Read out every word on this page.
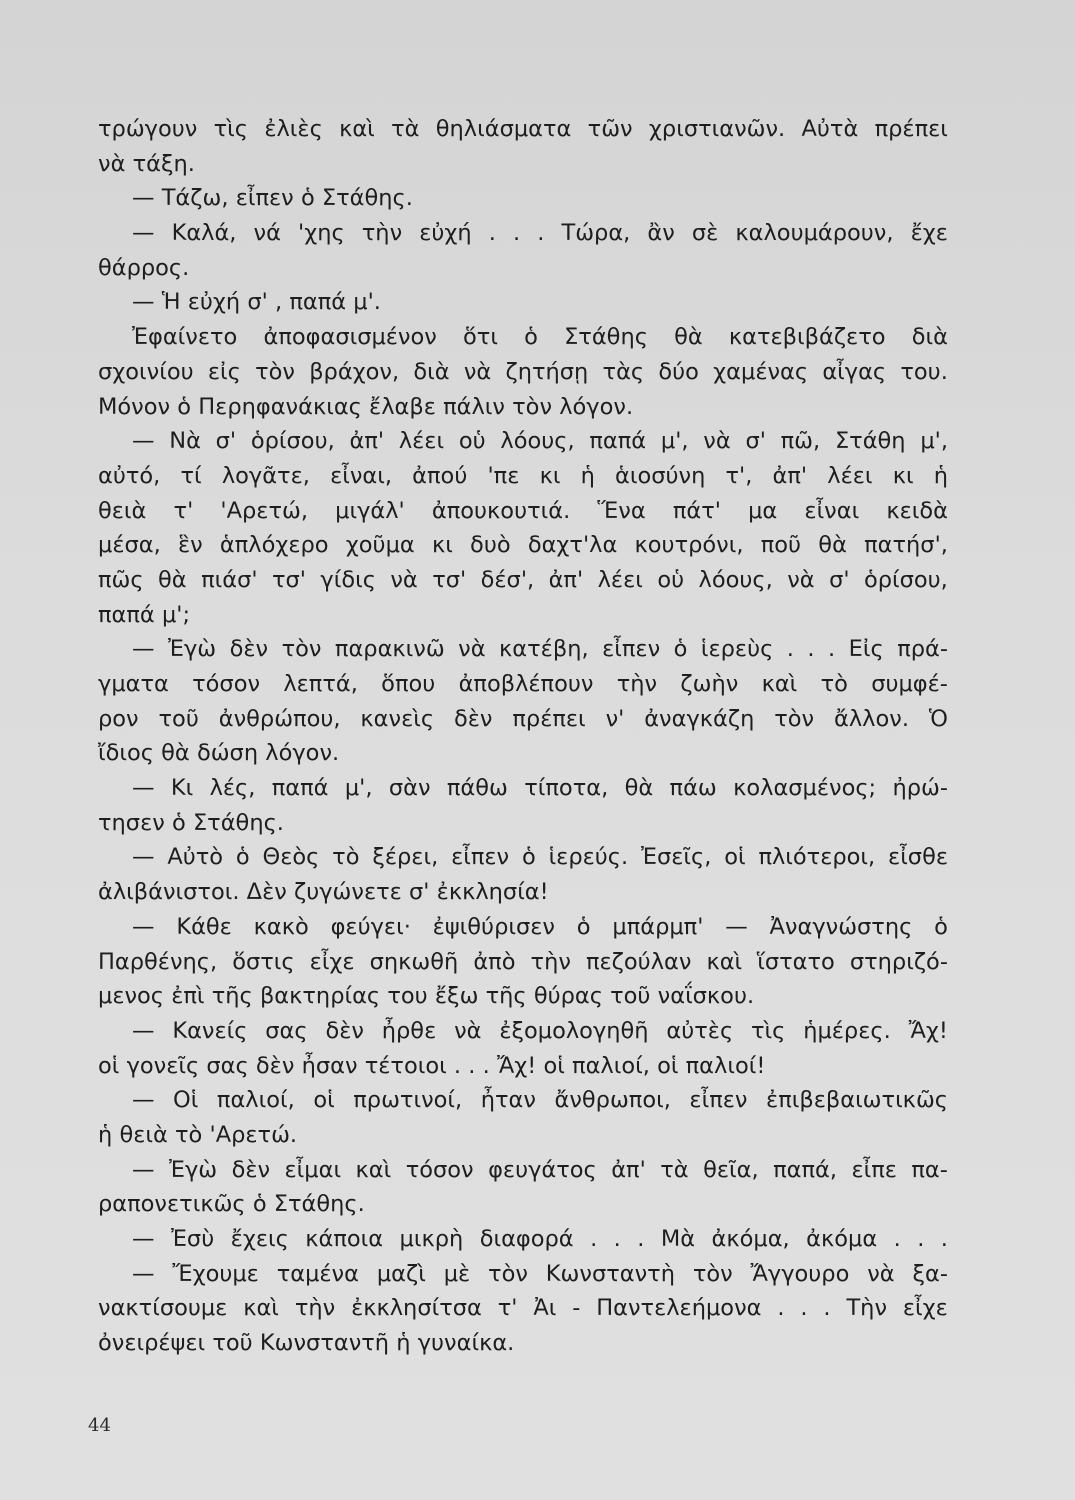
τρώγουν τὶς ἐλιὲς καὶ τὰ θηλιάσματα τῶν χριστιανῶν. Αὐτὰ πρέπει
νὰ τάξη.
— Τάζω, εἶπεν ὁ Στάθης.
— Καλά, νά 'χης τὴν εὐχή . . . Τώρα, ἂν σὲ καλουμάρουν, ἔχε
θάρρος.
— Ἡ εὐχή σ' , παπά μ'.
Ἐφαίνετο ἀποφασισμένον ὅτι ὁ Στάθης θὰ κατεβιβάζετο διὰ
σχοινίου εἰς τὸν βράχον, διὰ νὰ ζητήσῃ τὰς δύο χαμένας αἶγας του.
Μόνον ὁ Περηφανάκιας ἔλαβε πάλιν τὸν λόγον.
— Νὰ σ' ὁρίσου, ἀπ' λέει οὑ λόους, παπά μ', νὰ σ' πῶ, Στάθη μ',
αὐτό, τί λογᾶτε, εἶναι, ἀπού 'πε κι ἡ ἁιοσύνη τ', ἀπ' λέει κι ἡ
θειὰ τ' 'Αρετώ, μιγάλ' ἀπουκουτιά. Ἕνα πάτ' μα εἶναι κειδὰ
μέσα, ἓν ἁπλόχερο χοῦμα κι δυὸ δαχτ'λα κουτρόνι, ποῦ θὰ πατήσ',
πῶς θὰ πιάσ' τσ' γίδις νὰ τσ' δέσ', ἀπ' λέει οὑ λόους, νὰ σ' ὁρίσου,
παπά μ';
— Ἐγὼ δὲν τὸν παρακινῶ νὰ κατέβη, εἶπεν ὁ ἱερεὺς . . . Εἰς πρά-
γματα τόσον λεπτά, ὅπου ἀποβλέπουν τὴν ζωὴν καὶ τὸ συμφέ-
ρον τοῦ ἀνθρώπου, κανεὶς δὲν πρέπει ν' ἀναγκάζη τὸν ἄλλον. Ὁ
ἴδιος θὰ δώση λόγον.
— Κι λές, παπά μ', σὰν πάθω τίποτα, θὰ πάω κολασμένος; ἠρώ-
τησεν ὁ Στάθης.
— Αὐτὸ ὁ Θεὸς τὸ ξέρει, εἶπεν ὁ ἱερεύς. Ἐσεῖς, οἱ πλιότεροι, εἶσθε
ἀλιβάνιστοι. Δὲν ζυγώνετε σ' ἐκκλησία!
— Κάθε κακὸ φεύγει· ἐψιθύρισεν ὁ μπάρμπ' — Ἀναγνώστης ὁ
Παρθένης, ὅστις εἶχε σηκωθῆ ἀπὸ τὴν πεζούλαν καὶ ἵστατο στηριζό-
μενος ἐπὶ τῆς βακτηρίας του ἔξω τῆς θύρας τοῦ ναΐσκου.
— Κανείς σας δὲν ἦρθε νὰ ἐξομολογηθῆ αὐτὲς τὶς ἡμέρες. Ἄχ!
οἱ γονεῖς σας δὲν ἦσαν τέτοιοι . . . Ἄχ! οἱ παλιοί, οἱ παλιοί!
— Οἱ παλιοί, οἱ πρωτινοί, ἦταν ἄνθρωποι, εἶπεν ἐπιβεβαιωτικῶς
ἡ θειὰ τὸ 'Αρετώ.
— Ἐγὼ δὲν εἶμαι καὶ τόσον φευγάτος ἀπ' τὰ θεῖα, παπά, εἶπε πα-
ραπονετικῶς ὁ Στάθης.
— Ἐσὺ ἔχεις κάποια μικρὴ διαφορά . . . Μὰ ἀκόμα, ἀκόμα . . .
— Ἔχουμε ταμένα μαζὶ μὲ τὸν Κωνσταντὴ τὸν Ἄγγουρο νὰ ξα-
νακτίσουμε καὶ τὴν ἐκκλησίτσα τ' Ἀι - Παντελεήμονα . . . Τὴν εἶχε
ὀνειρέψει τοῦ Κωνσταντῆ ἡ γυναίκα.
44
